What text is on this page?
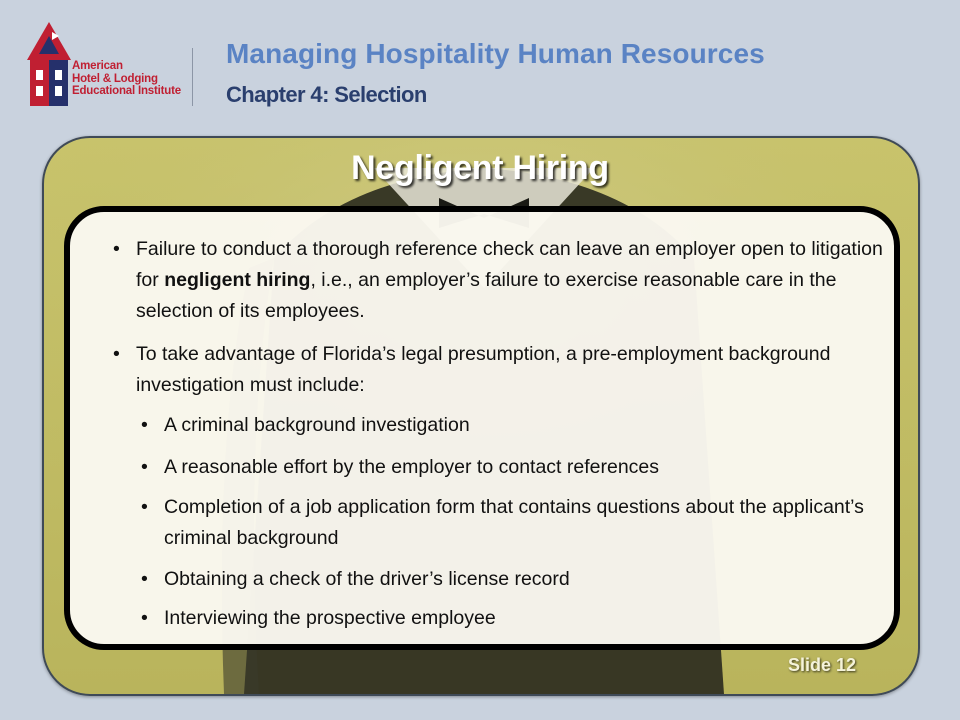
American
Hotel & Lodging
Educational Institute
Managing Hospitality Human Resources
Chapter 4: Selection
Negligent Hiring

• Failure to conduct a thorough reference check can leave an employer open to litigation for negligent hiring, i.e., an employer’s failure to exercise reasonable care in the selection of its employees.

• To take advantage of Florida’s legal presumption, a pre-employment background investigation must include:

• A criminal background investigation

• A reasonable effort by the employer to contact references

• Completion of a job application form that contains questions about the applicant’s criminal background

• Obtaining a check of the driver’s license record

• Interviewing the prospective employee

Slide 12
